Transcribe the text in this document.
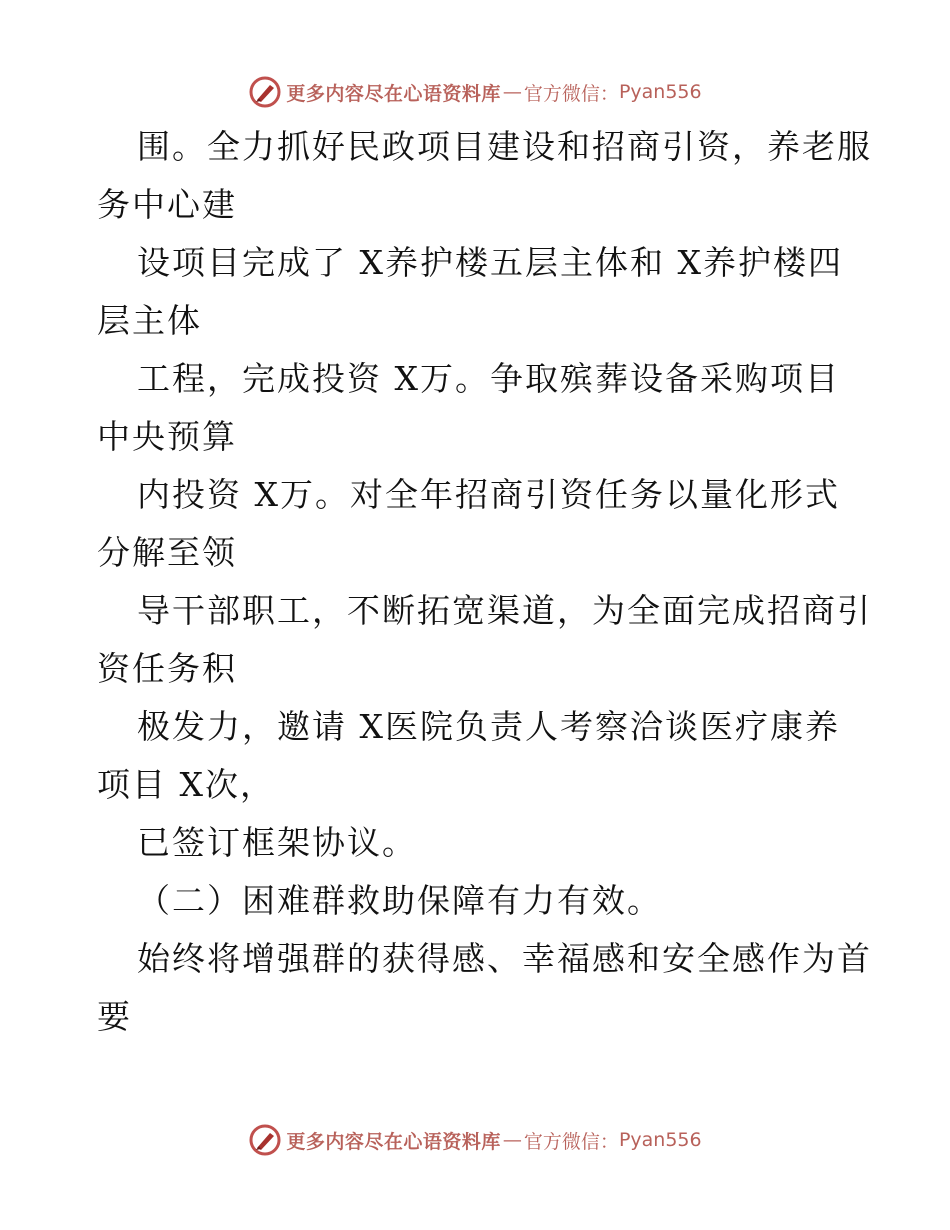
更多内容尽在心语资料库 — 官方微信： Pyan556
围。全力抓好民政项目建设和招商引资，养老服
务中心建
设项目完成了 X养护楼五层主体和 X养护楼四
层主体
工程，完成投资 X万。争取殡葬设备采购项目
中央预算
内投资 X万。对全年招商引资任务以量化形式
分解至领
导干部职工，不断拓宽渠道，为全面完成招商引
资任务积
极发力，邀请 X医院负责人考察洽谈医疗康养
项目 X次，
已签订框架协议。
（二）困难群救助保障有力有效。
始终将增强群的获得感、幸福感和安全感作为首
要
更多内容尽在心语资料库 — 官方微信： Pyan556
